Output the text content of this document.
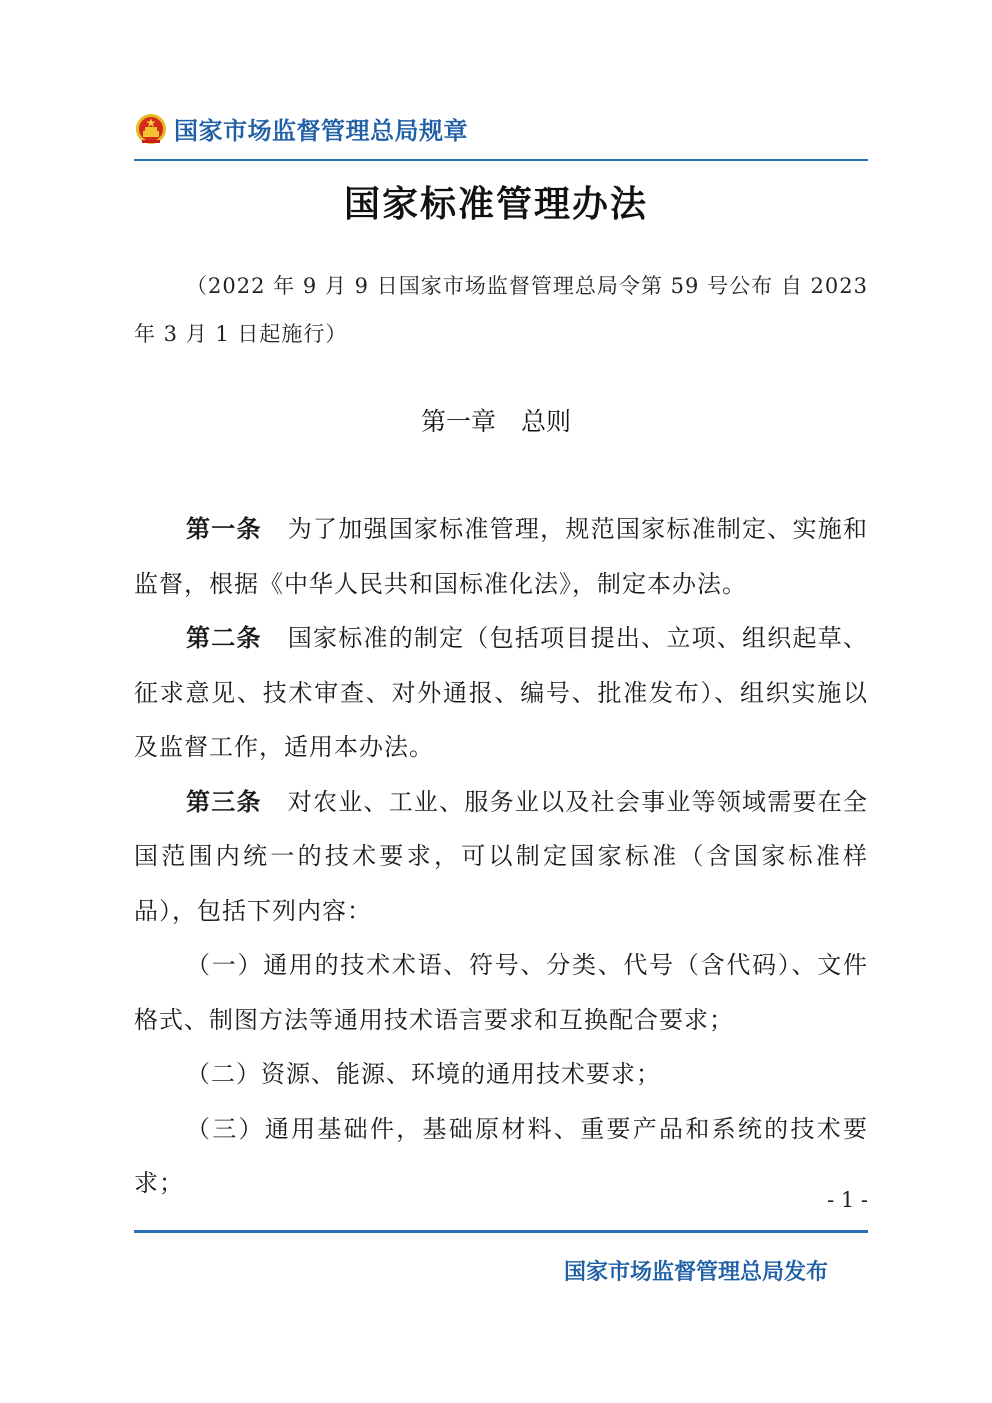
国家市场监督管理总局规章
国家标准管理办法

（2022 年 9 月 9 日国家市场监督管理总局令第 59 号公布 自 2023 年 3 月 1 日起施行）

第一章　总则

第一条 为了加强国家标准管理，规范国家标准制定、实施和监督，根据《中华人民共和国标准化法》，制定本办法。

第二条 国家标准的制定（包括项目提出、立项、组织起草、征求意见、技术审查、对外通报、编号、批准发布）、组织实施以及监督工作，适用本办法。

第三条 对农业、工业、服务业以及社会事业等领域需要在全国范围内统一的技术要求，可以制定国家标准（含国家标准样品），包括下列内容：

（一）通用的技术术语、符号、分类、代号（含代码）、文件格式、制图方法等通用技术语言要求和互换配合要求；

（二）资源、能源、环境的通用技术要求；

（三）通用基础件，基础原材料、重要产品和系统的技术要求；

- 1 -
国家市场监督管理总局发布
